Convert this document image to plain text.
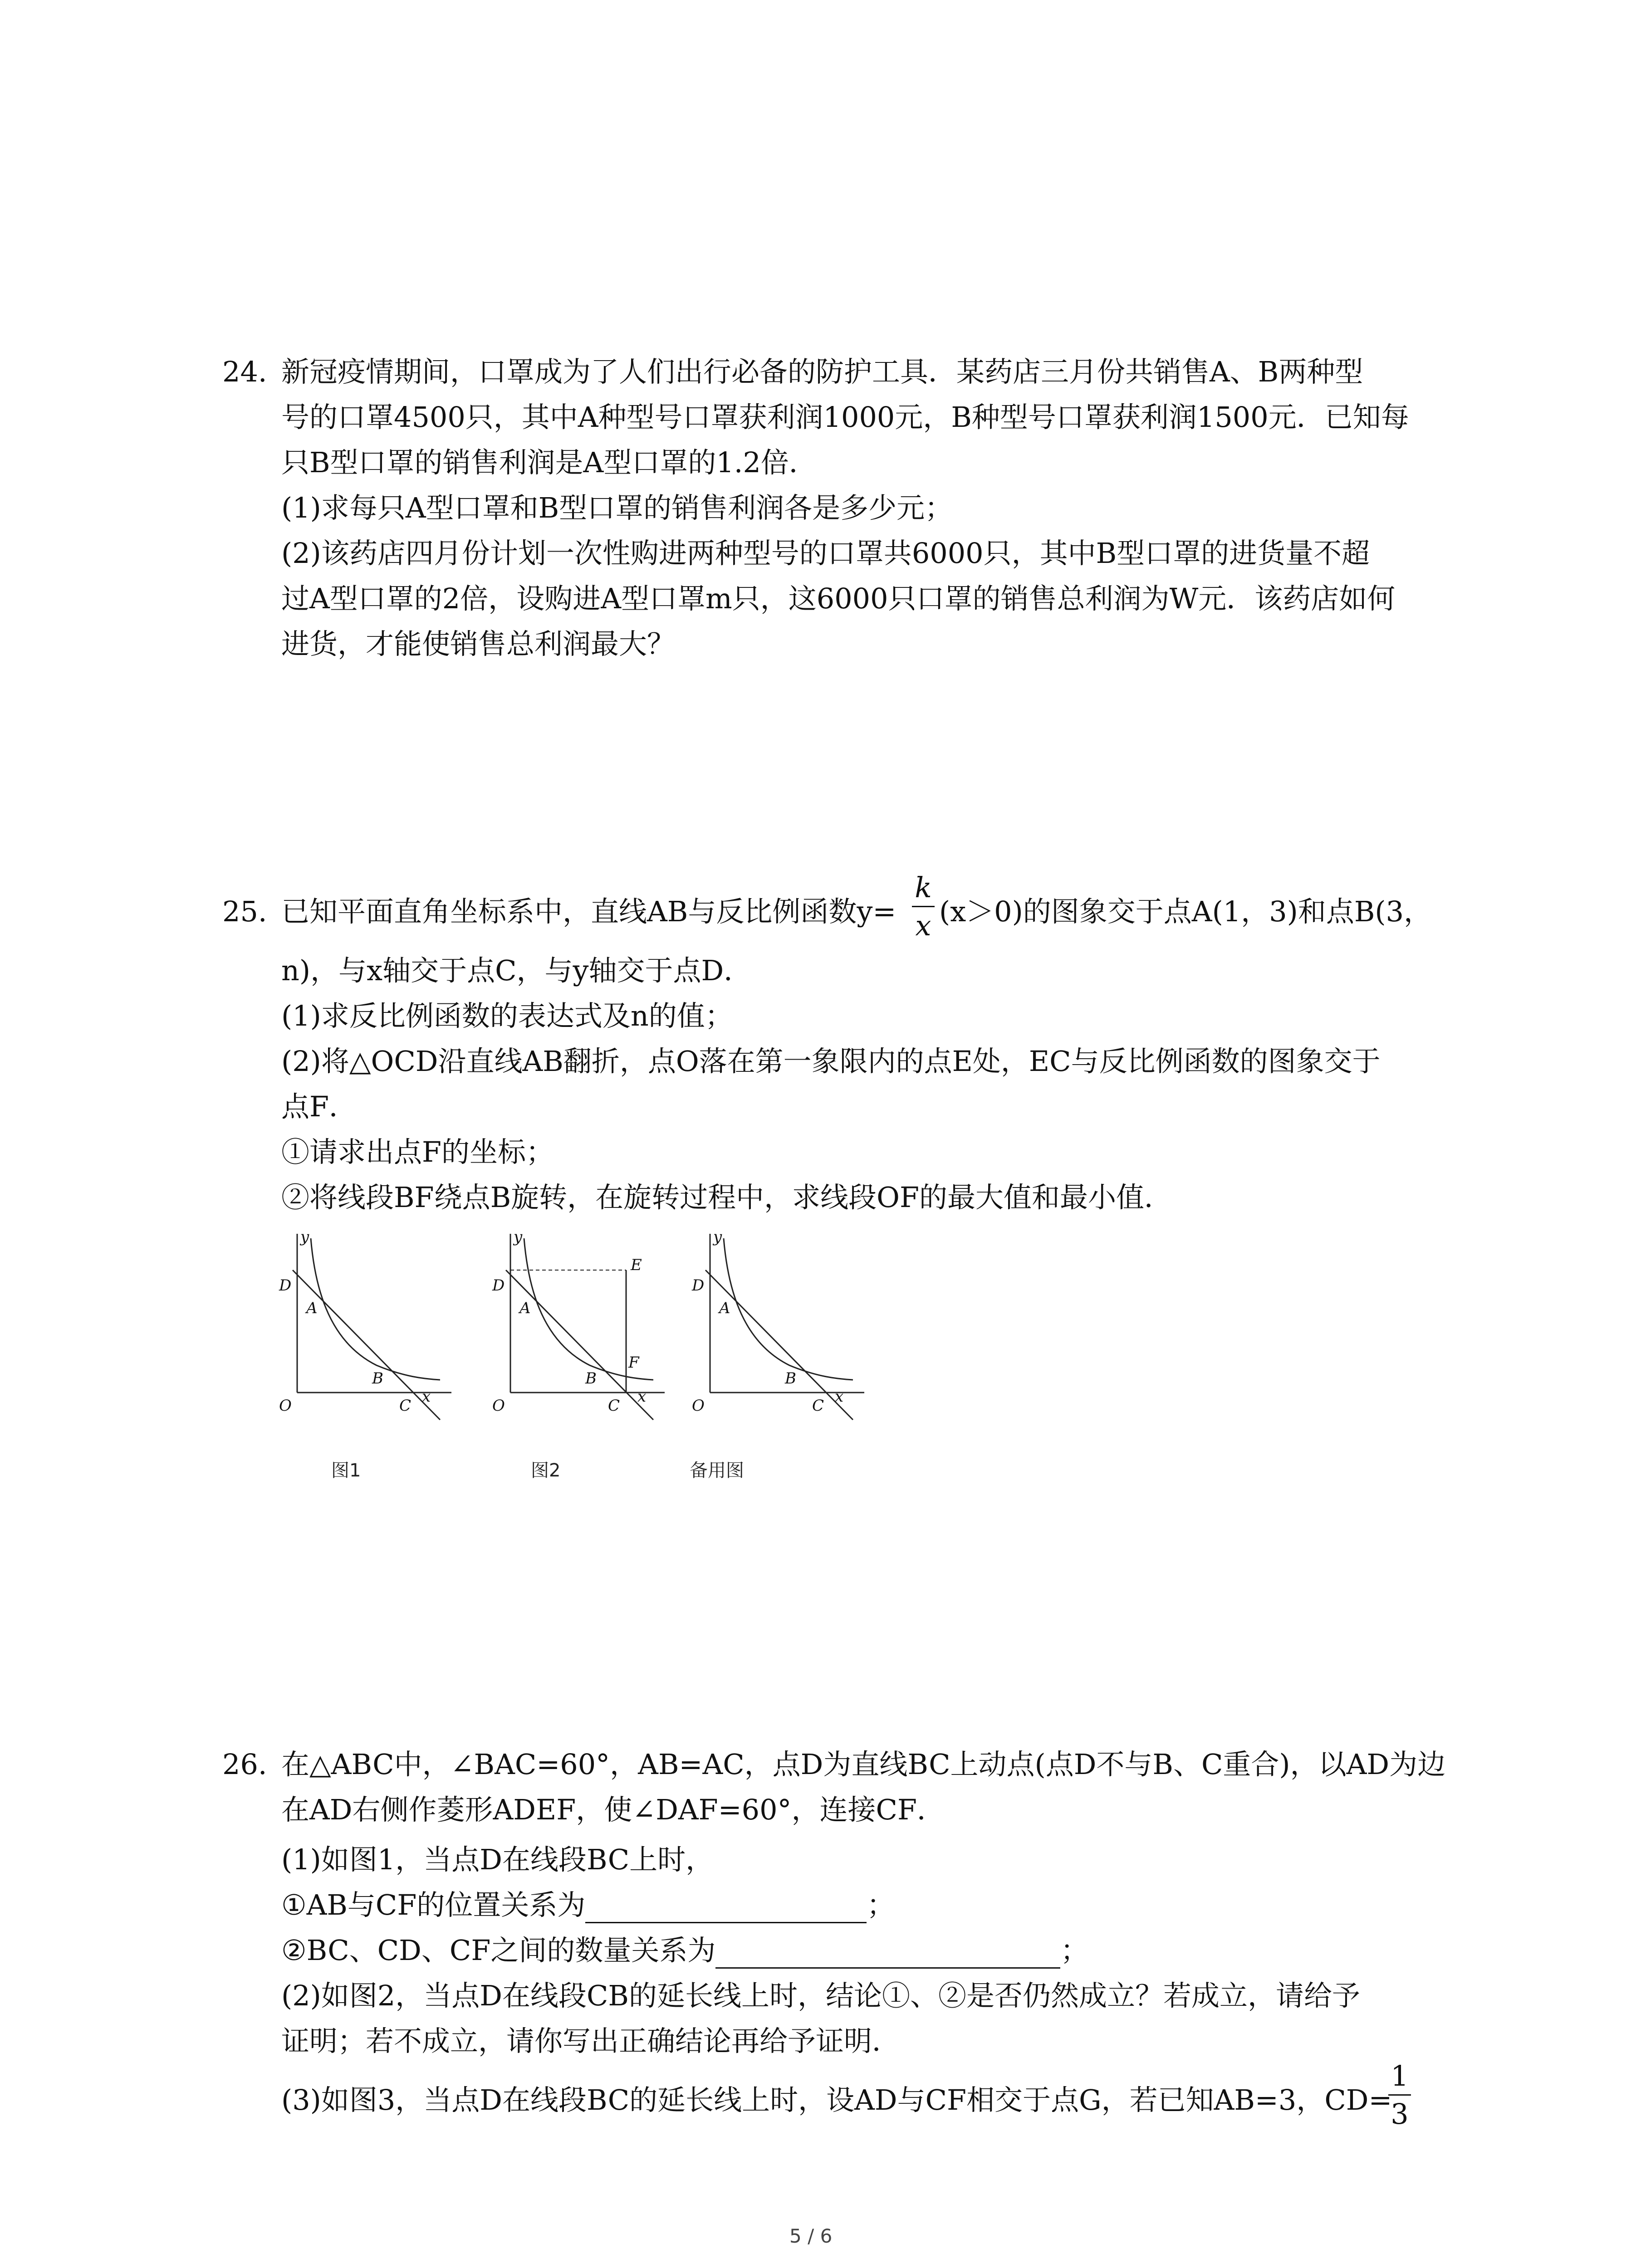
24. 新冠疫情期间，口罩成为了人们出行必备的防护工具．某药店三月份共销售A、B两种型
号的口罩4500只，其中A种型号口罩获利润1000元，B种型号口罩获利润1500元．已知每
只B型口罩的销售利润是A型口罩的1.2倍．
(1)求每只A型口罩和B型口罩的销售利润各是多少元；
(2)该药店四月份计划一次性购进两种型号的口罩共6000只，其中B型口罩的进货量不超
过A型口罩的2倍，设购进A型口罩m只，这6000只口罩的销售总利润为W元．该药店如何
进货，才能使销售总利润最大？
25. 已知平面直角坐标系中，直线AB与反比例函数y=
k
x (x＞0)的图象交于点A(1，3)和点B(3，
n)，与x轴交于点C，与y轴交于点D．
(1)求反比例函数的表达式及n的值；
(2)将△OCD沿直线AB翻折，点O落在第一象限内的点E处，EC与反比例函数的图象交于
点F．
①请求出点F的坐标；
②将线段BF绕点B旋转，在旋转过程中，求线段OF的最大值和最小值．
y
D
A
B
O	C x
图1
y
D
A
E
F
B
O	C x
图2
y
D
A
B
O	C x
备用图
26. 在△ABC中，∠BAC=60°，AB=AC，点D为直线BC上动点(点D不与B、C重合)，以AD为边
在AD右侧作菱形ADEF，使∠DAF=60°，连接CF．
(1)如图1，当点D在线段BC上时，
①AB与CF的位置关系为	；
②BC、CD、CF之间的数量关系为	；
(2)如图2，当点D在线段CB的延长线上时，结论①、②是否仍然成立？若成立，请给予
证明；若不成立，请你写出正确结论再给予证明．
(3)如图3，当点D在线段BC的延长线上时，设AD与CF相交于点G，若已知AB=3，CD=
1
3
5 / 6
